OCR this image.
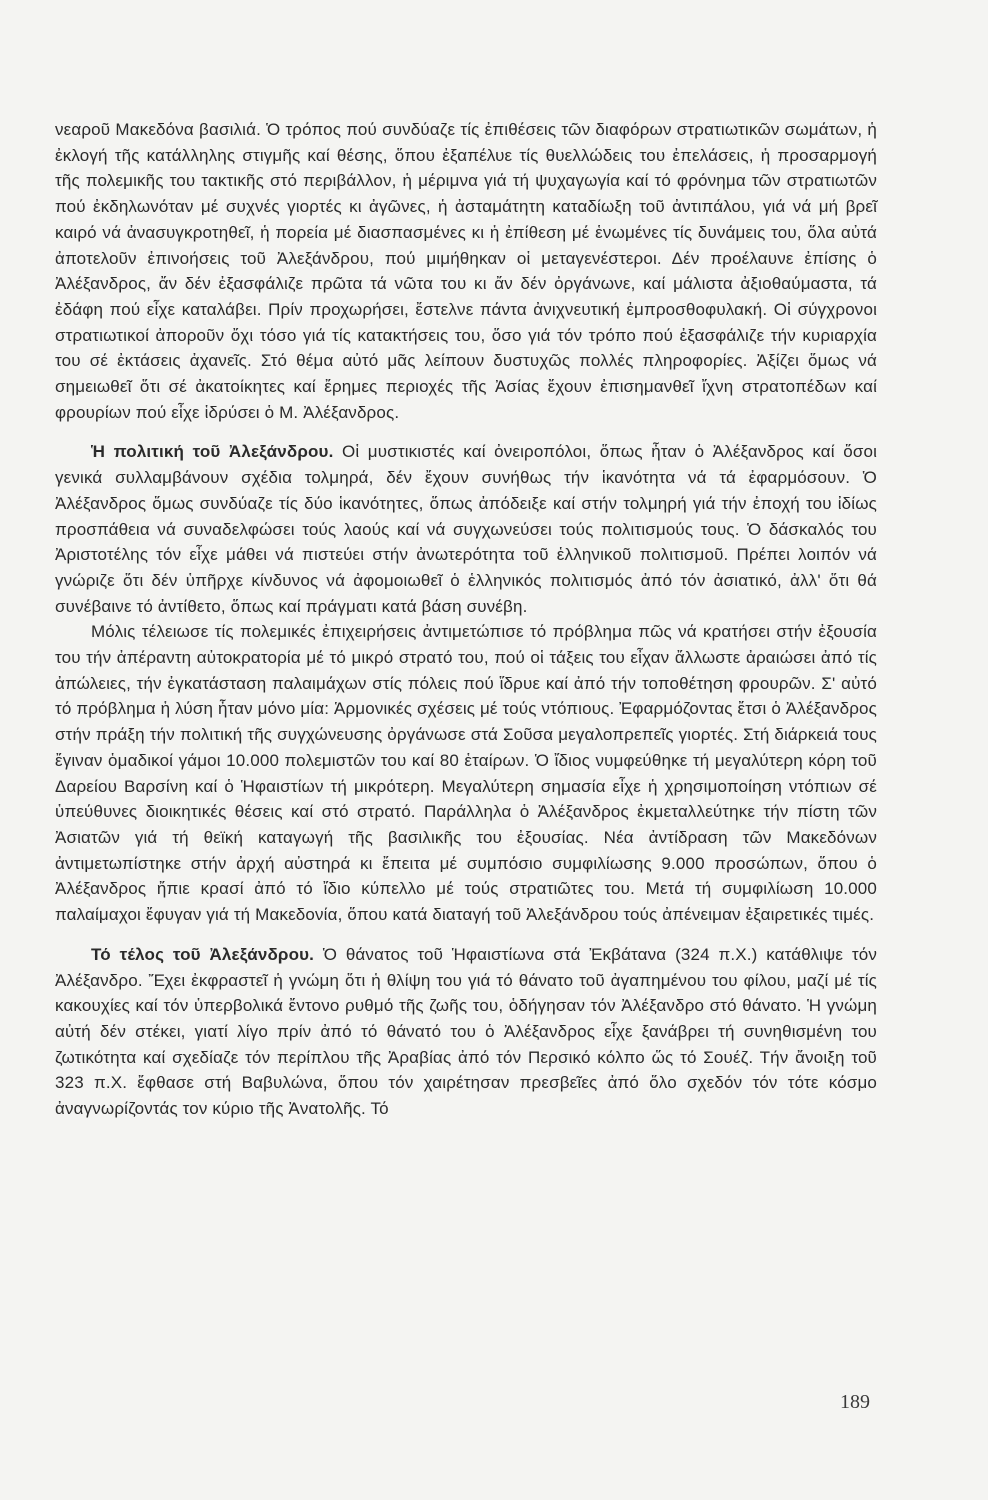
νεαροῦ Μακεδόνα βασιλιά. Ὁ τρόπος πού συνδύαζε τίς ἐπιθέσεις τῶν διαφόρων στρατιωτικῶν σωμάτων, ἡ ἐκλογή τῆς κατάλληλης στιγμῆς καί θέσης, ὅπου ἐξαπέλυε τίς θυελλώδεις του ἐπελάσεις, ἡ προσαρμογή τῆς πολεμικῆς του τακτικῆς στό περιβάλλον, ἡ μέριμνα γιά τή ψυχαγωγία καί τό φρόνημα τῶν στρατιωτῶν πού ἐκδηλωνόταν μέ συχνές γιορτές κι ἀγῶνες, ἡ ἀσταμάτητη καταδίωξη τοῦ ἀντιπάλου, γιά νά μή βρεῖ καιρό νά ἀνασυγκροτηθεῖ, ἡ πορεία μέ διασπασμένες κι ἡ ἐπίθεση μέ ἑνωμένες τίς δυνάμεις του, ὅλα αὐτά ἀποτελοῦν ἐπινοήσεις τοῦ Ἀλεξάνδρου, πού μιμήθηκαν οἱ μεταγενέστεροι. Δέν προέλαυνε ἐπίσης ὁ Ἀλέξανδρος, ἄν δέν ἐξασφάλιζε πρῶτα τά νῶτα του κι ἄν δέν ὀργάνωνε, καί μάλιστα ἀξιοθαύμαστα, τά ἐδάφη πού εἶχε καταλάβει. Πρίν προχωρήσει, ἔστελνε πάντα ἀνιχνευτική ἐμπροσθοφυλακή. Οἱ σύγχρονοι στρατιωτικοί ἀποροῦν ὄχι τόσο γιά τίς κατακτήσεις του, ὅσο γιά τόν τρόπο πού ἐξασφάλιζε τήν κυριαρχία του σέ ἐκτάσεις ἀχανεῖς. Στό θέμα αὐτό μᾶς λείπουν δυστυχῶς πολλές πληροφορίες. Ἀξίζει ὅμως νά σημειωθεῖ ὅτι σέ ἀκατοίκητες καί ἔρημες περιοχές τῆς Ἀσίας ἔχουν ἐπισημανθεῖ ἴχνη στρατοπέδων καί φρουρίων πού εἶχε ἱδρύσει ὁ Μ. Ἀλέξανδρος.

Ἡ πολιτική τοῦ Ἀλεξάνδρου. Οἱ μυστικιστές καί ὀνειροπόλοι, ὅπως ἦταν ὁ Ἀλέξανδρος καί ὅσοι γενικά συλλαμβάνουν σχέδια τολμηρά, δέν ἔχουν συνήθως τήν ἱκανότητα νά τά ἐφαρμόσουν. Ὁ Ἀλέξανδρος ὅμως συνδύαζε τίς δύο ἱκανότητες, ὅπως ἀπόδειξε καί στήν τολμηρή γιά τήν ἐποχή του ἰδίως προσπάθεια νά συναδελφώσει τούς λαούς καί νά συγχωνεύσει τούς πολιτισμούς τους. Ὁ δάσκαλός του Ἀριστοτέλης τόν εἶχε μάθει νά πιστεύει στήν ἀνωτερότητα τοῦ ἑλληνικοῦ πολιτισμοῦ. Πρέπει λοιπόν νά γνώριζε ὅτι δέν ὑπῆρχε κίνδυνος νά ἀφομοιωθεῖ ὁ ἑλληνικός πολιτισμός ἀπό τόν ἀσιατικό, ἀλλ' ὅτι θά συνέβαινε τό ἀντίθετο, ὅπως καί πράγματι κατά βάση συνέβη.

Μόλις τέλειωσε τίς πολεμικές ἐπιχειρήσεις ἀντιμετώπισε τό πρόβλημα πῶς νά κρατήσει στήν ἐξουσία του τήν ἀπέραντη αὐτοκρατορία μέ τό μικρό στρατό του, πού οἱ τάξεις του εἶχαν ἄλλωστε ἀραιώσει ἀπό τίς ἀπώλειες, τήν ἐγκατάσταση παλαιμάχων στίς πόλεις πού ἵδρυε καί ἀπό τήν τοποθέτηση φρουρῶν. Σ' αὐτό τό πρόβλημα ἡ λύση ἦταν μόνο μία: Ἁρμονικές σχέσεις μέ τούς ντόπιους. Ἐφαρμόζοντας ἔτσι ὁ Ἀλέξανδρος στήν πράξη τήν πολιτική τῆς συγχώνευσης ὀργάνωσε στά Σοῦσα μεγαλοπρεπεῖς γιορτές. Στή διάρκειά τους ἔγιναν ὁμαδικοί γάμοι 10.000 πολεμιστῶν του καί 80 ἑταίρων. Ὁ ἴδιος νυμφεύθηκε τή μεγαλύτερη κόρη τοῦ Δαρείου Βαρσίνη καί ὁ Ἡφαιστίων τή μικρότερη. Μεγαλύτερη σημασία εἶχε ἡ χρησιμοποίηση ντόπιων σέ ὑπεύθυνες διοικητικές θέσεις καί στό στρατό. Παράλληλα ὁ Ἀλέξανδρος ἐκμεταλλεύτηκε τήν πίστη τῶν Ἀσιατῶν γιά τή θεϊκή καταγωγή τῆς βασιλικῆς του ἐξουσίας. Νέα ἀντίδραση τῶν Μακεδόνων ἀντιμετωπίστηκε στήν ἀρχή αὐστηρά κι ἔπειτα μέ συμπόσιο συμφιλίωσης 9.000 προσώπων, ὅπου ὁ Ἀλέξανδρος ἤπιε κρασί ἀπό τό ἴδιο κύπελλο μέ τούς στρατιῶτες του. Μετά τή συμφιλίωση 10.000 παλαίμαχοι ἔφυγαν γιά τή Μακεδονία, ὅπου κατά διαταγή τοῦ Ἀλεξάνδρου τούς ἀπένειμαν ἐξαιρετικές τιμές.

Τό τέλος τοῦ Ἀλεξάνδρου. Ὁ θάνατος τοῦ Ἡφαιστίωνα στά Ἐκβάτανα (324 π.Χ.) κατάθλιψε τόν Ἀλέξανδρο. Ἔχει ἐκφραστεῖ ἡ γνώμη ὅτι ἡ θλίψη του γιά τό θάνατο τοῦ ἀγαπημένου του φίλου, μαζί μέ τίς κακουχίες καί τόν ὑπερβολικά ἔντονο ρυθμό τῆς ζωῆς του, ὁδήγησαν τόν Ἀλέξανδρο στό θάνατο. Ἡ γνώμη αὐτή δέν στέκει, γιατί λίγο πρίν ἀπό τό θάνατό του ὁ Ἀλέξανδρος εἶχε ξανάβρει τή συνηθισμένη του ζωτικότητα καί σχεδίαζε τόν περίπλου τῆς Ἀραβίας ἀπό τόν Περσικό κόλπο ὥς τό Σουέζ. Τήν ἄνοιξη τοῦ 323 π.Χ. ἔφθασε στή Βαβυλώνα, ὅπου τόν χαιρέτησαν πρεσβεῖες ἀπό ὅλο σχεδόν τόν τότε κόσμο ἀναγνωρίζοντάς τον κύριο τῆς Ἀνατολῆς. Τό

189
